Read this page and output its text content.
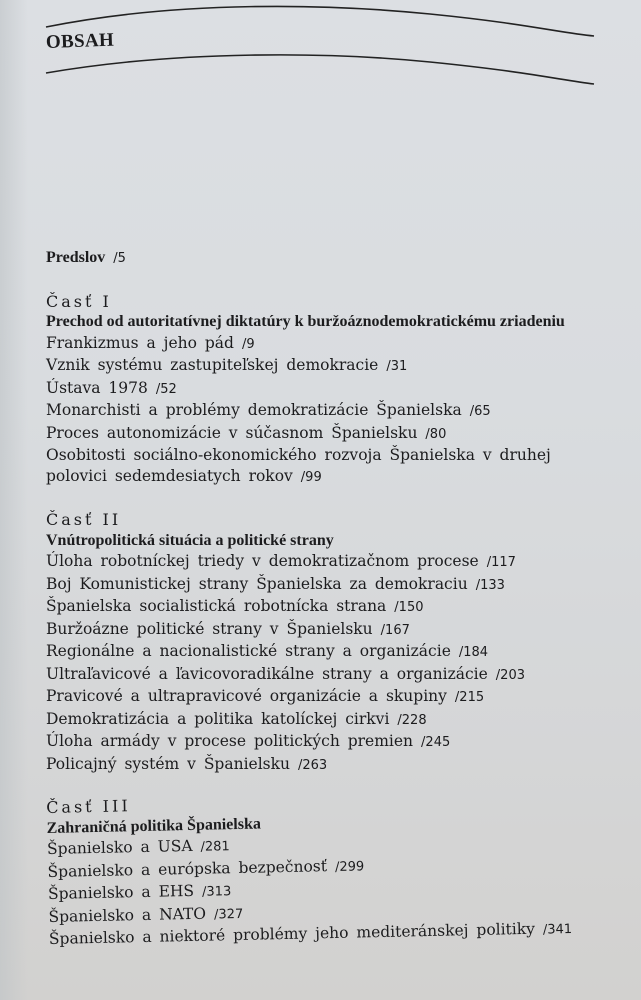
OBSAH
Predslov /5
Časť I
Prechod od autoritatívnej diktatúry k buržoáznodemokratickému zriadeniu
Frankizmus a jeho pád /9
Vznik systému zastupiteľskej demokracie /31
Ústava 1978 /52
Monarchisti a problémy demokratizácie Španielska /65
Proces autonomizácie v súčasnom Španielsku /80
Osobitosti sociálno-ekonomického rozvoja Španielska v druhej polovici sedemdesiatych rokov /99
Časť II
Vnútropolitická situácia a politické strany
Úloha robotníckej triedy v demokratizačnom procese /117
Boj Komunistickej strany Španielska za demokraciu /133
Španielska socialistická robotnícka strana /150
Buržoázne politické strany v Španielsku /167
Regionálne a nacionalistické strany a organizácie /184
Ultraľavicové a ľavicovoradikálne strany a organizácie /203
Pravicové a ultrapravicové organizácie a skupiny /215
Demokratizácia a politika katolíckej cirkvi /228
Úloha armády v procese politických premien /245
Policajný systém v Španielsku /263
Časť III
Zahraničná politika Španielska
Španielsko a USA /281
Španielsko a európska bezpečnosť /299
Španielsko a EHS /313
Španielsko a NATO /327
Španielsko a niektoré problémy jeho mediteránskej politiky /341
